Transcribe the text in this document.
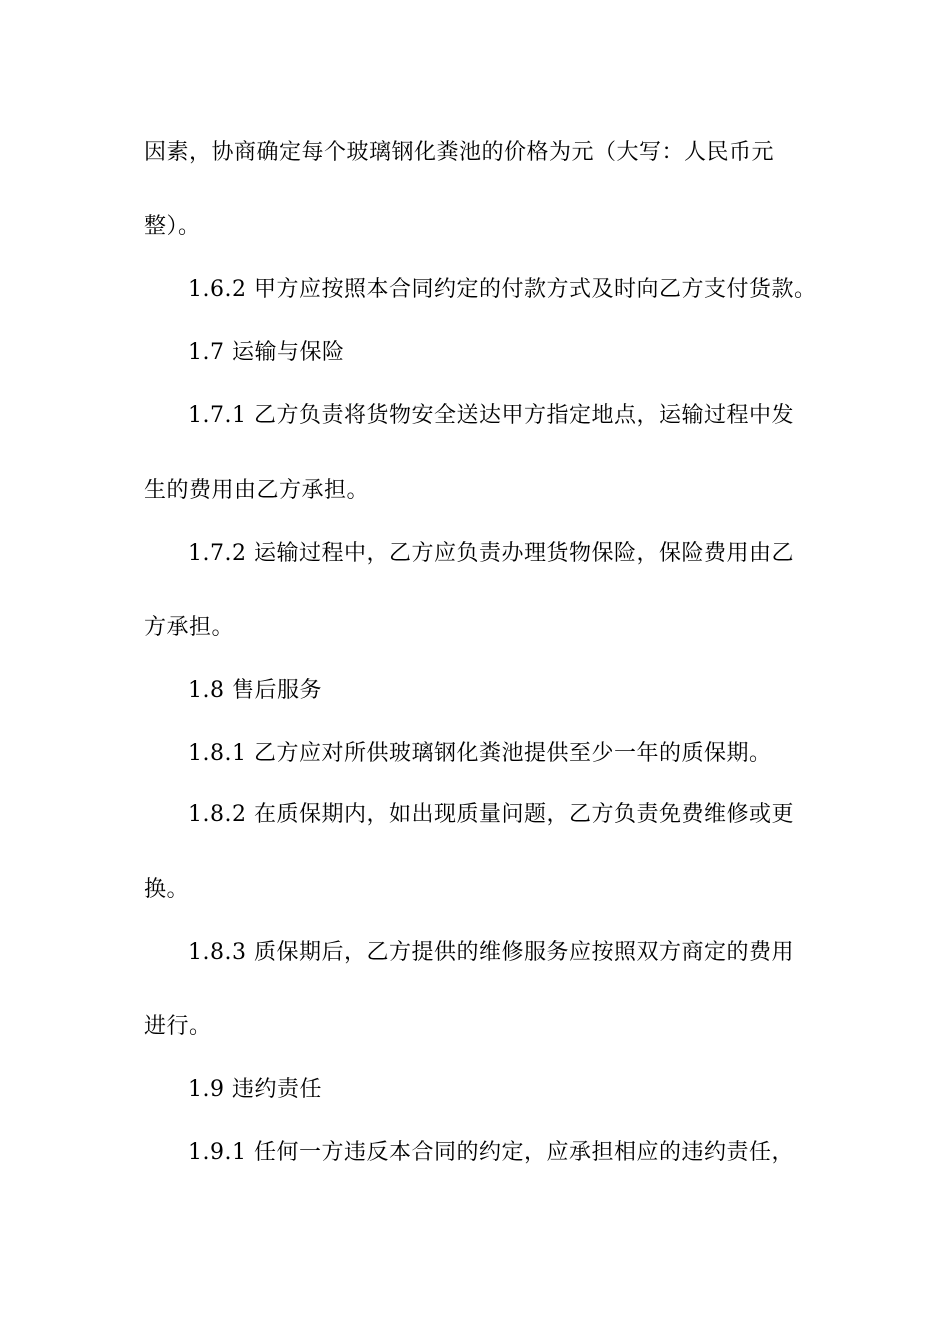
因素，协商确定每个玻璃钢化粪池的价格为元（大写：人民币元
整）。
1.6.2 甲方应按照本合同约定的付款方式及时向乙方支付货款。
1.7 运输与保险
1.7.1 乙方负责将货物安全送达甲方指定地点，运输过程中发
生的费用由乙方承担。
1.7.2 运输过程中，乙方应负责办理货物保险，保险费用由乙
方承担。
1.8 售后服务
1.8.1 乙方应对所供玻璃钢化粪池提供至少一年的质保期。
1.8.2 在质保期内，如出现质量问题，乙方负责免费维修或更
换。
1.8.3 质保期后，乙方提供的维修服务应按照双方商定的费用
进行。
1.9 违约责任
1.9.1 任何一方违反本合同的约定，应承担相应的违约责任，
